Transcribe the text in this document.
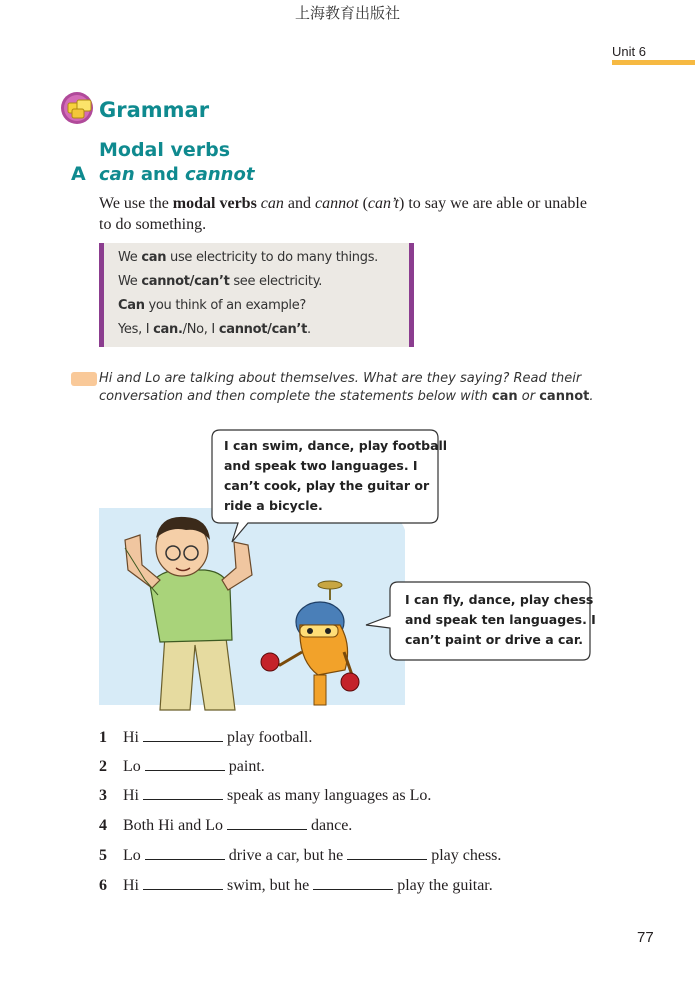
上海教育出版社
Unit 6
Grammar
Modal verbs
A can and cannot
We use the modal verbs can and cannot (can’t) to say we are able or unable to do something.
We can use electricity to do many things.
We cannot/can’t see electricity.
Can you think of an example?
Yes, I can./No, I cannot/can’t.
Hi and Lo are talking about themselves. What are they saying? Read their conversation and then complete the statements below with can or cannot.
I can swim, dance, play football
and speak two languages. I
can’t cook, play the guitar or
ride a bicycle.
I can fly, dance, play chess
and speak ten languages. I
can’t paint or drive a car.
1 Hi	play football.
2 Lo	paint.
3 Hi	speak as many languages as Lo.
4 Both Hi and Lo	dance.
5 Lo	drive a car, but he	play chess.
6 Hi	swim, but he	play the guitar.
77
